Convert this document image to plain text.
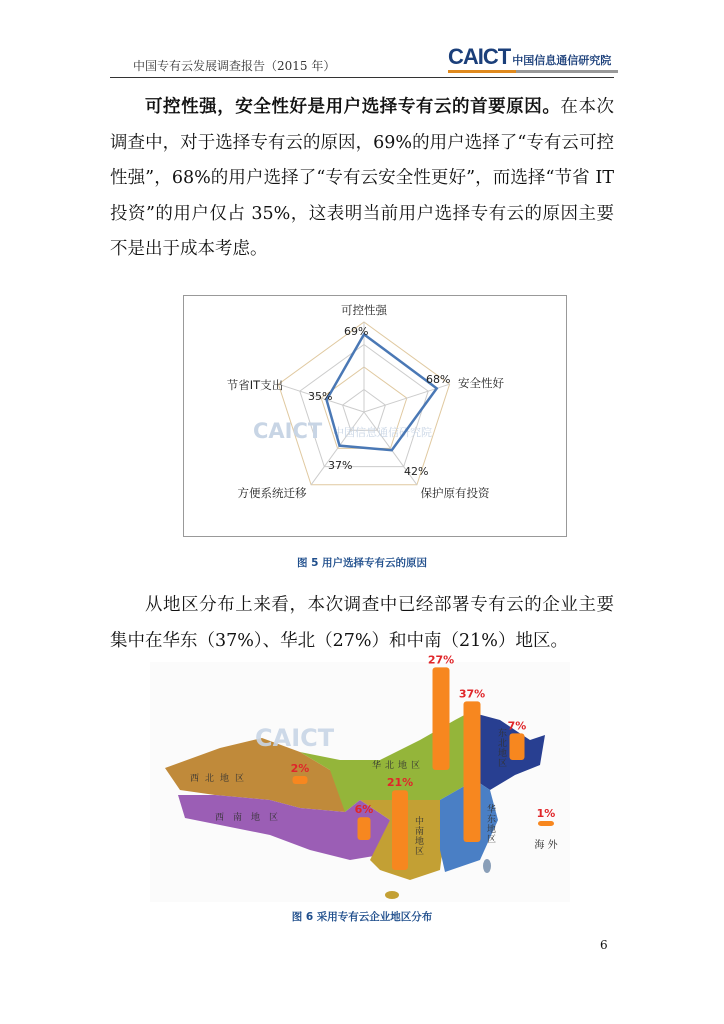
中国专有云发展调查报告（2015 年）	CAICT 中国信息通信研究院
可控性强，安全性好是用户选择专有云的首要原因。在本次调查中，对于选择专有云的原因，69%的用户选择了“专有云可控性强”，68%的用户选择了“专有云安全性更好”，而选择“节省 IT 投资”的用户仅占 35%，这表明当前用户选择专有云的原因主要不是出于成本考虑。
CAICT 中国信息通信研究院
可控性强
69%
安全性好
68%
保护原有投资
42%
方便系统迁移
37%
节省IT支出
35%
图 5 用户选择专有云的原因
从地区分布上来看，本次调查中已经部署专有云的企业主要集中在华东（37%）、华北（27%）和中南（21%）地区。
CAICT
27%
37%
7%
2%
6%
21%
1%
海 外
西北地区
华北地区	东北地区
西南地区	中南地区	华东地区
图 6 采用专有云企业地区分布
6
